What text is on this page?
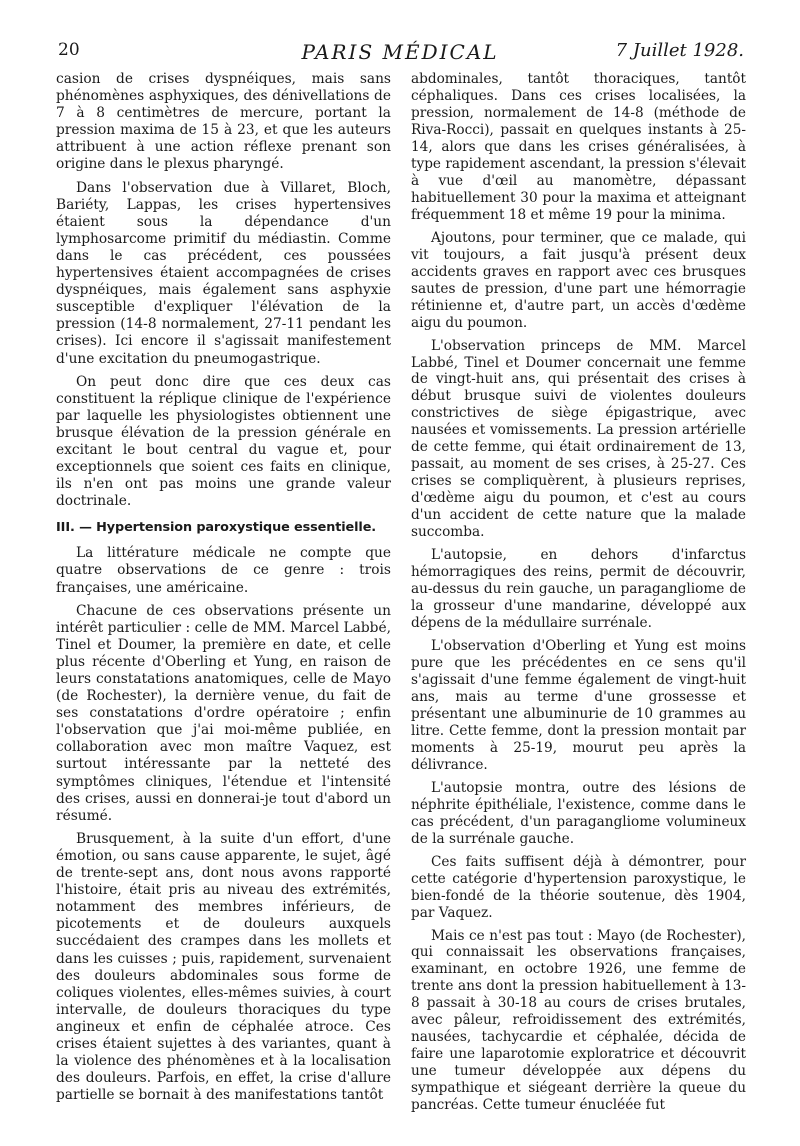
20	PARIS MÉDICAL	7 Juillet 1928.

casion de crises dyspnéiques, mais sans phénomènes asphyxiques, des dénivellations de 7 à 8 centimètres de mercure, portant la pression maxima de 15 à 23, et que les auteurs attribuent à une action réflexe prenant son origine dans le plexus pharyngé.

Dans l'observation due à Villaret, Bloch, Bariéty, Lappas, les crises hypertensives étaient sous la dépendance d'un lymphosarcome primitif du médiastin. Comme dans le cas précédent, ces poussées hypertensives étaient accompagnées de crises dyspnéiques, mais également sans asphyxie susceptible d'expliquer l'élévation de la pression (14-8 normalement, 27-11 pendant les crises). Ici encore il s'agissait manifestement d'une excitation du pneumogastrique.

On peut donc dire que ces deux cas constituent la réplique clinique de l'expérience par laquelle les physiologistes obtiennent une brusque élévation de la pression générale en excitant le bout central du vague et, pour exceptionnels que soient ces faits en clinique, ils n'en ont pas moins une grande valeur doctrinale.

III. — Hypertension paroxystique essentielle.

La littérature médicale ne compte que quatre observations de ce genre : trois françaises, une américaine.

Chacune de ces observations présente un intérêt particulier : celle de MM. Marcel Labbé, Tinel et Doumer, la première en date, et celle plus récente d'Oberling et Yung, en raison de leurs constatations anatomiques, celle de Mayo (de Rochester), la dernière venue, du fait de ses constatations d'ordre opératoire ; enfin l'observation que j'ai moi-même publiée, en collaboration avec mon maître Vaquez, est surtout intéressante par la netteté des symptômes cliniques, l'étendue et l'intensité des crises, aussi en donnerai-je tout d'abord un résumé.

Brusquement, à la suite d'un effort, d'une émotion, ou sans cause apparente, le sujet, âgé de trente-sept ans, dont nous avons rapporté l'histoire, était pris au niveau des extrémités, notamment des membres inférieurs, de picotements et de douleurs auxquels succédaient des crampes dans les mollets et dans les cuisses ; puis, rapidement, survenaient des douleurs abdominales sous forme de coliques violentes, elles-mêmes suivies, à court intervalle, de douleurs thoraciques du type angineux et enfin de céphalée atroce. Ces crises étaient sujettes à des variantes, quant à la violence des phénomènes et à la localisation des douleurs. Parfois, en effet, la crise d'allure partielle se bornait à des manifestations tantôt

abdominales, tantôt thoraciques, tantôt céphaliques. Dans ces crises localisées, la pression, normalement de 14-8 (méthode de Riva-Rocci), passait en quelques instants à 25-14, alors que dans les crises généralisées, à type rapidement ascendant, la pression s'élevait à vue d'œil au manomètre, dépassant habituellement 30 pour la maxima et atteignant fréquemment 18 et même 19 pour la minima.

Ajoutons, pour terminer, que ce malade, qui vit toujours, a fait jusqu'à présent deux accidents graves en rapport avec ces brusques sautes de pression, d'une part une hémorragie rétinienne et, d'autre part, un accès d'œdème aigu du poumon.

L'observation princeps de MM. Marcel Labbé, Tinel et Doumer concernait une femme de vingt-huit ans, qui présentait des crises à début brusque suivi de violentes douleurs constrictives de siège épigastrique, avec nausées et vomissements. La pression artérielle de cette femme, qui était ordinairement de 13, passait, au moment de ses crises, à 25-27. Ces crises se compliquèrent, à plusieurs reprises, d'œdème aigu du poumon, et c'est au cours d'un accident de cette nature que la malade succomba.

L'autopsie, en dehors d'infarctus hémorragiques des reins, permit de découvrir, au-dessus du rein gauche, un paragangliome de la grosseur d'une mandarine, développé aux dépens de la médullaire surrénale.

L'observation d'Oberling et Yung est moins pure que les précédentes en ce sens qu'il s'agissait d'une femme également de vingt-huit ans, mais au terme d'une grossesse et présentant une albuminurie de 10 grammes au litre. Cette femme, dont la pression montait par moments à 25-19, mourut peu après la délivrance.

L'autopsie montra, outre des lésions de néphrite épithéliale, l'existence, comme dans le cas précédent, d'un paragangliome volumineux de la surrénale gauche.

Ces faits suffisent déjà à démontrer, pour cette catégorie d'hypertension paroxystique, le bien-fondé de la théorie soutenue, dès 1904, par Vaquez.

Mais ce n'est pas tout : Mayo (de Rochester), qui connaissait les observations françaises, examinant, en octobre 1926, une femme de trente ans dont la pression habituellement à 13-8 passait à 30-18 au cours de crises brutales, avec pâleur, refroidissement des extrémités, nausées, tachycardie et céphalée, décida de faire une laparotomie exploratrice et découvrit une tumeur développée aux dépens du sympathique et siégeant derrière la queue du pancréas. Cette tumeur énucléée fut
